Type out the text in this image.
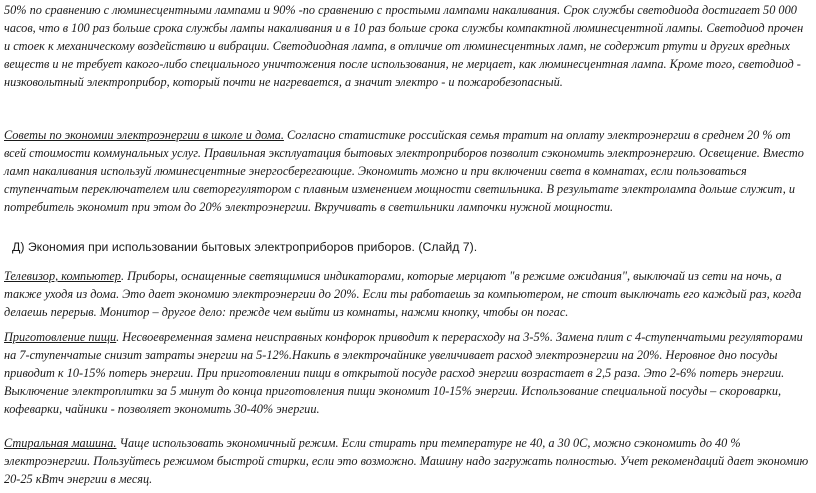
50% по сравнению с люминесцентными лампами и 90% -по сравнению с простыми лампами накаливания. Срок службы светодиода достигает 50 000 часов, что в 100 раз больше срока службы лампы накаливания и в 10 раз больше срока службы компактной люминесцентной лампы. Светодиод прочен и стоек к механическому воздействию и вибрации. Светодиодная лампа, в отличие от люминесцентных ламп, не содержит ртути и других вредных веществ и не требует какого-либо специального уничтожения после использования, не мерцает, как люминесцентная лампа. Кроме того, светодиод - низковольтный электроприбор, который почти не нагревается, а значит электро - и пожаробезопасный.

Советы по экономии электроэнергии в школе и дома. Согласно статистике российская семья тратит на оплату электроэнергии в среднем 20 % от всей стоимости коммунальных услуг. Правильная эксплуатация бытовых электроприборов позволит сэкономить электроэнергию. Освещение. Вместо ламп накаливания используй люминесцентные энергосберегающие. Экономить можно и при включении света в комнатах, если пользоваться ступенчатым переключателем или светорегулятором с плавным изменением мощности светильника. В результате электролампа дольше служит, и потребитель экономит при этом до 20% электроэнергии. Вкручивать в светильники лампочки нужной мощности.

Д) Экономия при использовании бытовых электроприборов приборов. (Слайд 7).

Телевизор, компьютер. Приборы, оснащенные светящимися индикаторами, которые мерцают "в режиме ожидания", выключай из сети на ночь, а также уходя из дома. Это дает экономию электроэнергии до 20%. Если ты работаешь за компьютером, не стоит выключать его каждый раз, когда делаешь перерыв. Монитор – другое дело: прежде чем выйти из комнаты, нажми кнопку, чтобы он погас.

Приготовление пищи. Несвоевременная замена неисправных конфорок приводит к перерасходу на 3-5%. Замена плит с 4-ступенчатыми регуляторами на 7-ступенчатые снизит затраты энергии на 5-12%.Накипь в электрочайнике увеличивает расход электроэнергии на 20%. Неровное дно посуды приводит к 10-15% потерь энергии. При приготовлении пищи в открытой посуде расход энергии возрастает в 2,5 раза. Это 2-6% потерь энергии. Выключение электроплитки за 5 минут до конца приготовления пищи экономит 10-15% энергии. Использование специальной посуды – скороварки, кофеварки, чайники - позволяет экономить 30-40% энергии.

Стиральная машина. Чаще использовать экономичный режим. Если стирать при температуре не 40, а 30 0С, можно сэкономить до 40 % электроэнергии. Пользуйтесь режимом быстрой стирки, если это возможно. Машину надо загружать полностью. Учет рекомендаций дает экономию 20-25 кВтч энергии в месяц.
